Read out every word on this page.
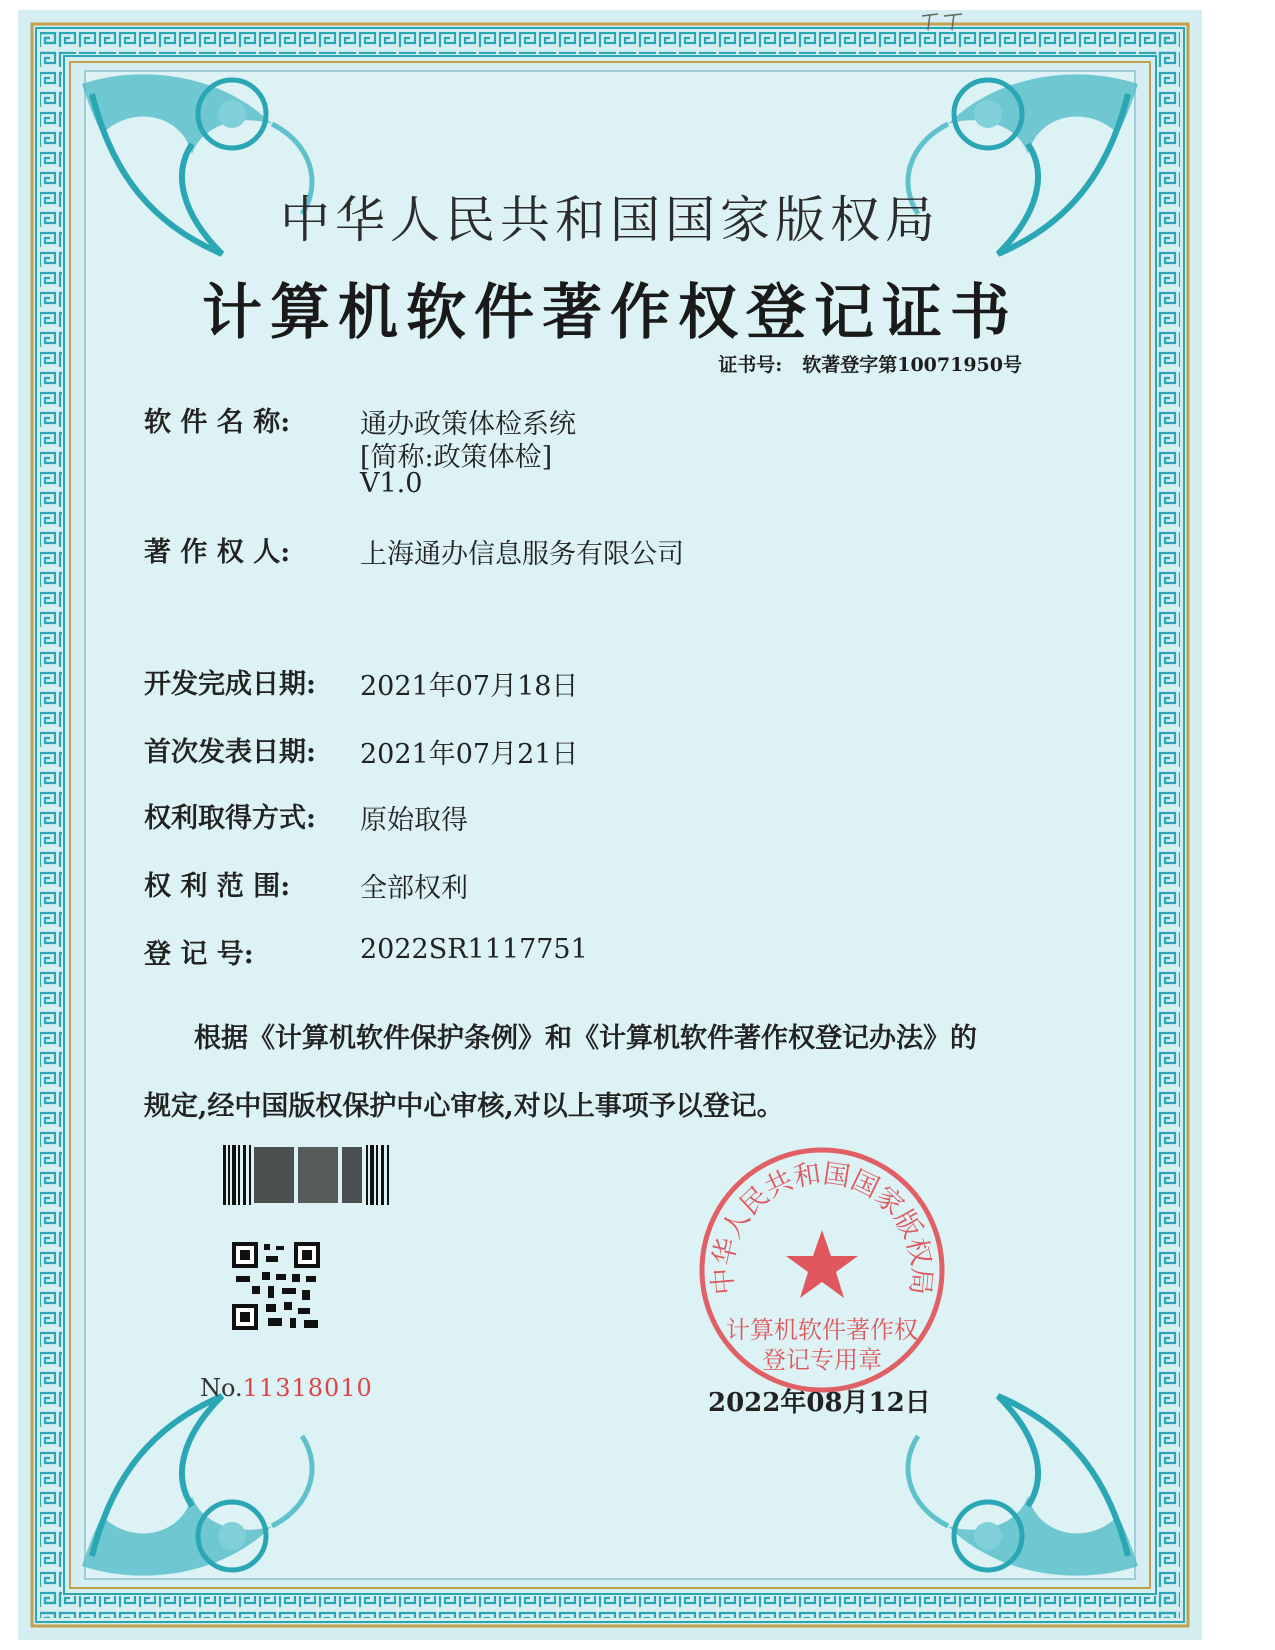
中华人民共和国国家版权局
计算机软件著作权登记证书
证书号: 软著登字第10071950号
软 件 名 称:	通办政策体检系统
[简称:政策体检]
V1.0
著 作 权 人:	上海通办信息服务有限公司
开发完成日期: 2021年07月18日
首次发表日期: 2021年07月21日
权利取得方式: 原始取得
权 利 范 围:	全部权利
登 记 号:	2022SR1117751
根据《计算机软件保护条例》和《计算机软件著作权登记办法》的
规定,经中国版权保护中心审核,对以上事项予以登记。
No.11318010
中华人民共和国国家版权局
计算机软件著作权
登记专用章
2022年08月12日
